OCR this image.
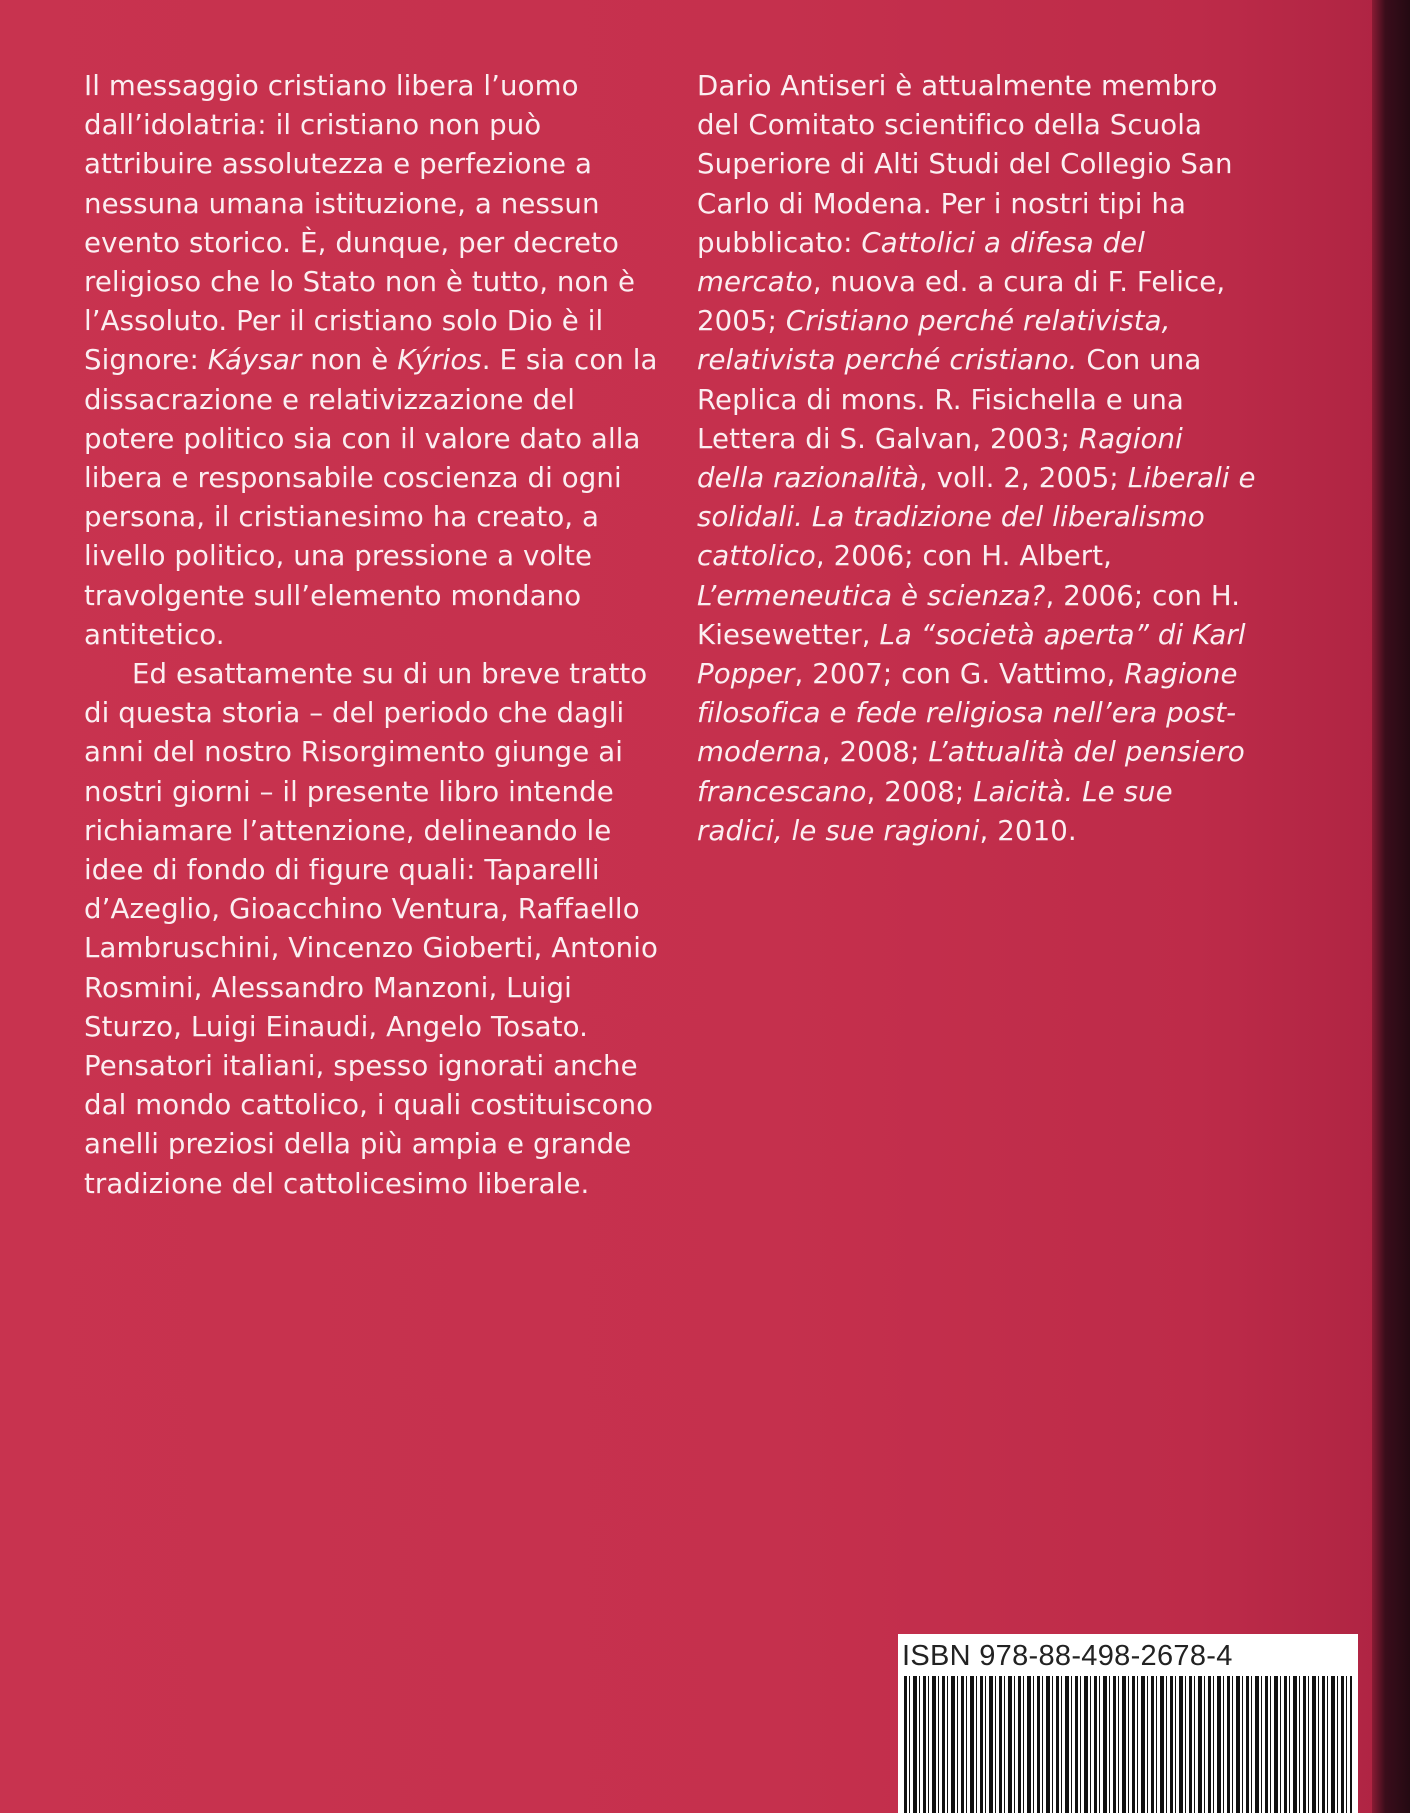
Il messaggio cristiano libera l’uomo dall’idolatria: il cristiano non può attribuire assolutezza e perfezione a nessuna umana istituzione, a nessun evento storico. È, dunque, per decreto religioso che lo Stato non è tutto, non è l’Assoluto. Per il cristiano solo Dio è il Signore: Káysar non è Kýrios. E sia con la dissacrazione e relativizzazione del potere politico sia con il valore dato alla libera e responsabile coscienza di ogni persona, il cristianesimo ha creato, a livello politico, una pressione a volte travolgente sull’elemento mondano antitetico.

Ed esattamente su di un breve tratto di questa storia – del periodo che dagli anni del nostro Risorgimento giunge ai nostri giorni – il presente libro intende richiamare l’attenzione, delineando le idee di fondo di figure quali: Taparelli d’Azeglio, Gioacchino Ventura, Raffaello Lambruschini, Vincenzo Gioberti, Antonio Rosmini, Alessandro Manzoni, Luigi Sturzo, Luigi Einaudi, Angelo Tosato. Pensatori italiani, spesso ignorati anche dal mondo cattolico, i quali costituiscono anelli preziosi della più ampia e grande tradizione del cattolicesimo liberale.

Dario Antiseri è attualmente membro del Comitato scientifico della Scuola Superiore di Alti Studi del Collegio San Carlo di Modena. Per i nostri tipi ha pubblicato: Cattolici a difesa del mercato, nuova ed. a cura di F. Felice, 2005; Cristiano perché relativista, relativista perché cristiano. Con una Replica di mons. R. Fisichella e una Lettera di S. Galvan, 2003; Ragioni della razionalità, voll. 2, 2005; Liberali e solidali. La tradizione del liberalismo cattolico, 2006; con H. Albert, L’ermeneutica è scienza?, 2006; con H. Kiesewetter, La “società aperta” di Karl Popper, 2007; con G. Vattimo, Ragione filosofica e fede religiosa nell’era post-moderna, 2008; L’attualità del pensiero francescano, 2008; Laicità. Le sue radici, le sue ragioni, 2010.

ISBN 978-88-498-2678-4
